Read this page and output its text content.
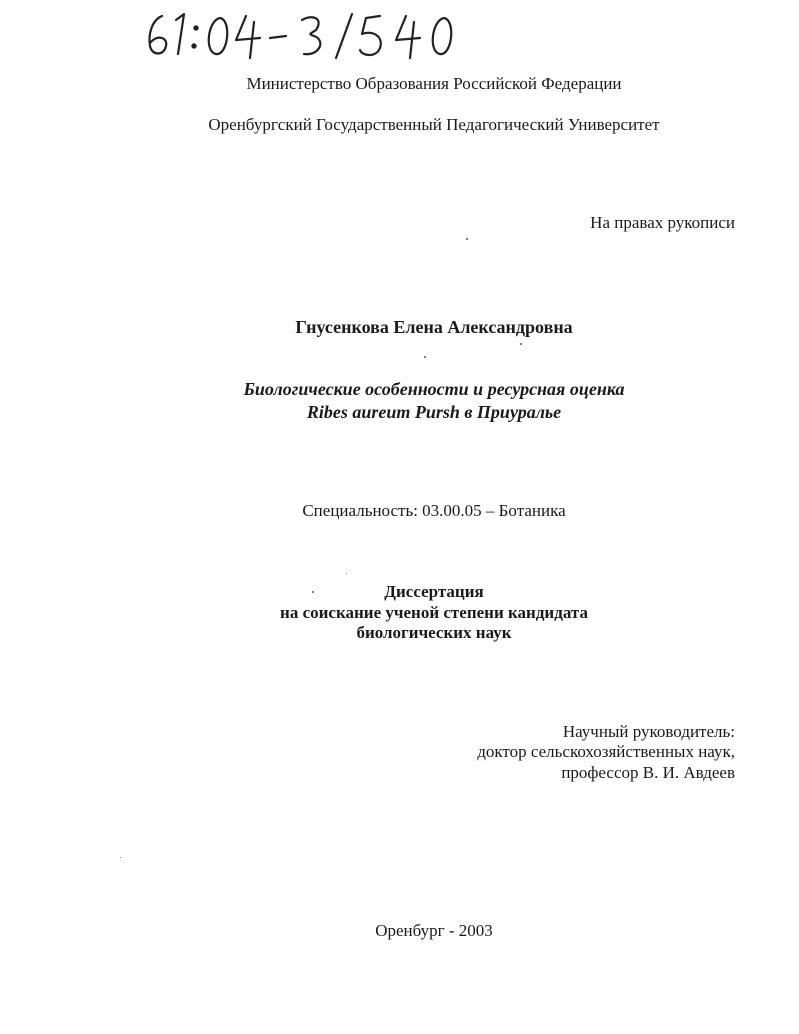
Министерство Образования Российской Федерации
Оренбургский Государственный Педагогический Университет
На правах рукописи
Гнусенкова Елена Александровна
Биологические особенности и ресурсная оценка
Ribes aureum Pursh в Приуралье
Специальность: 03.00.05 – Ботаника
Диссертация
на соискание ученой степени кандидата
биологических наук
Научный руководитель:
доктор сельскохозяйственных наук,
профессор В. И. Авдеев
Оренбург - 2003
